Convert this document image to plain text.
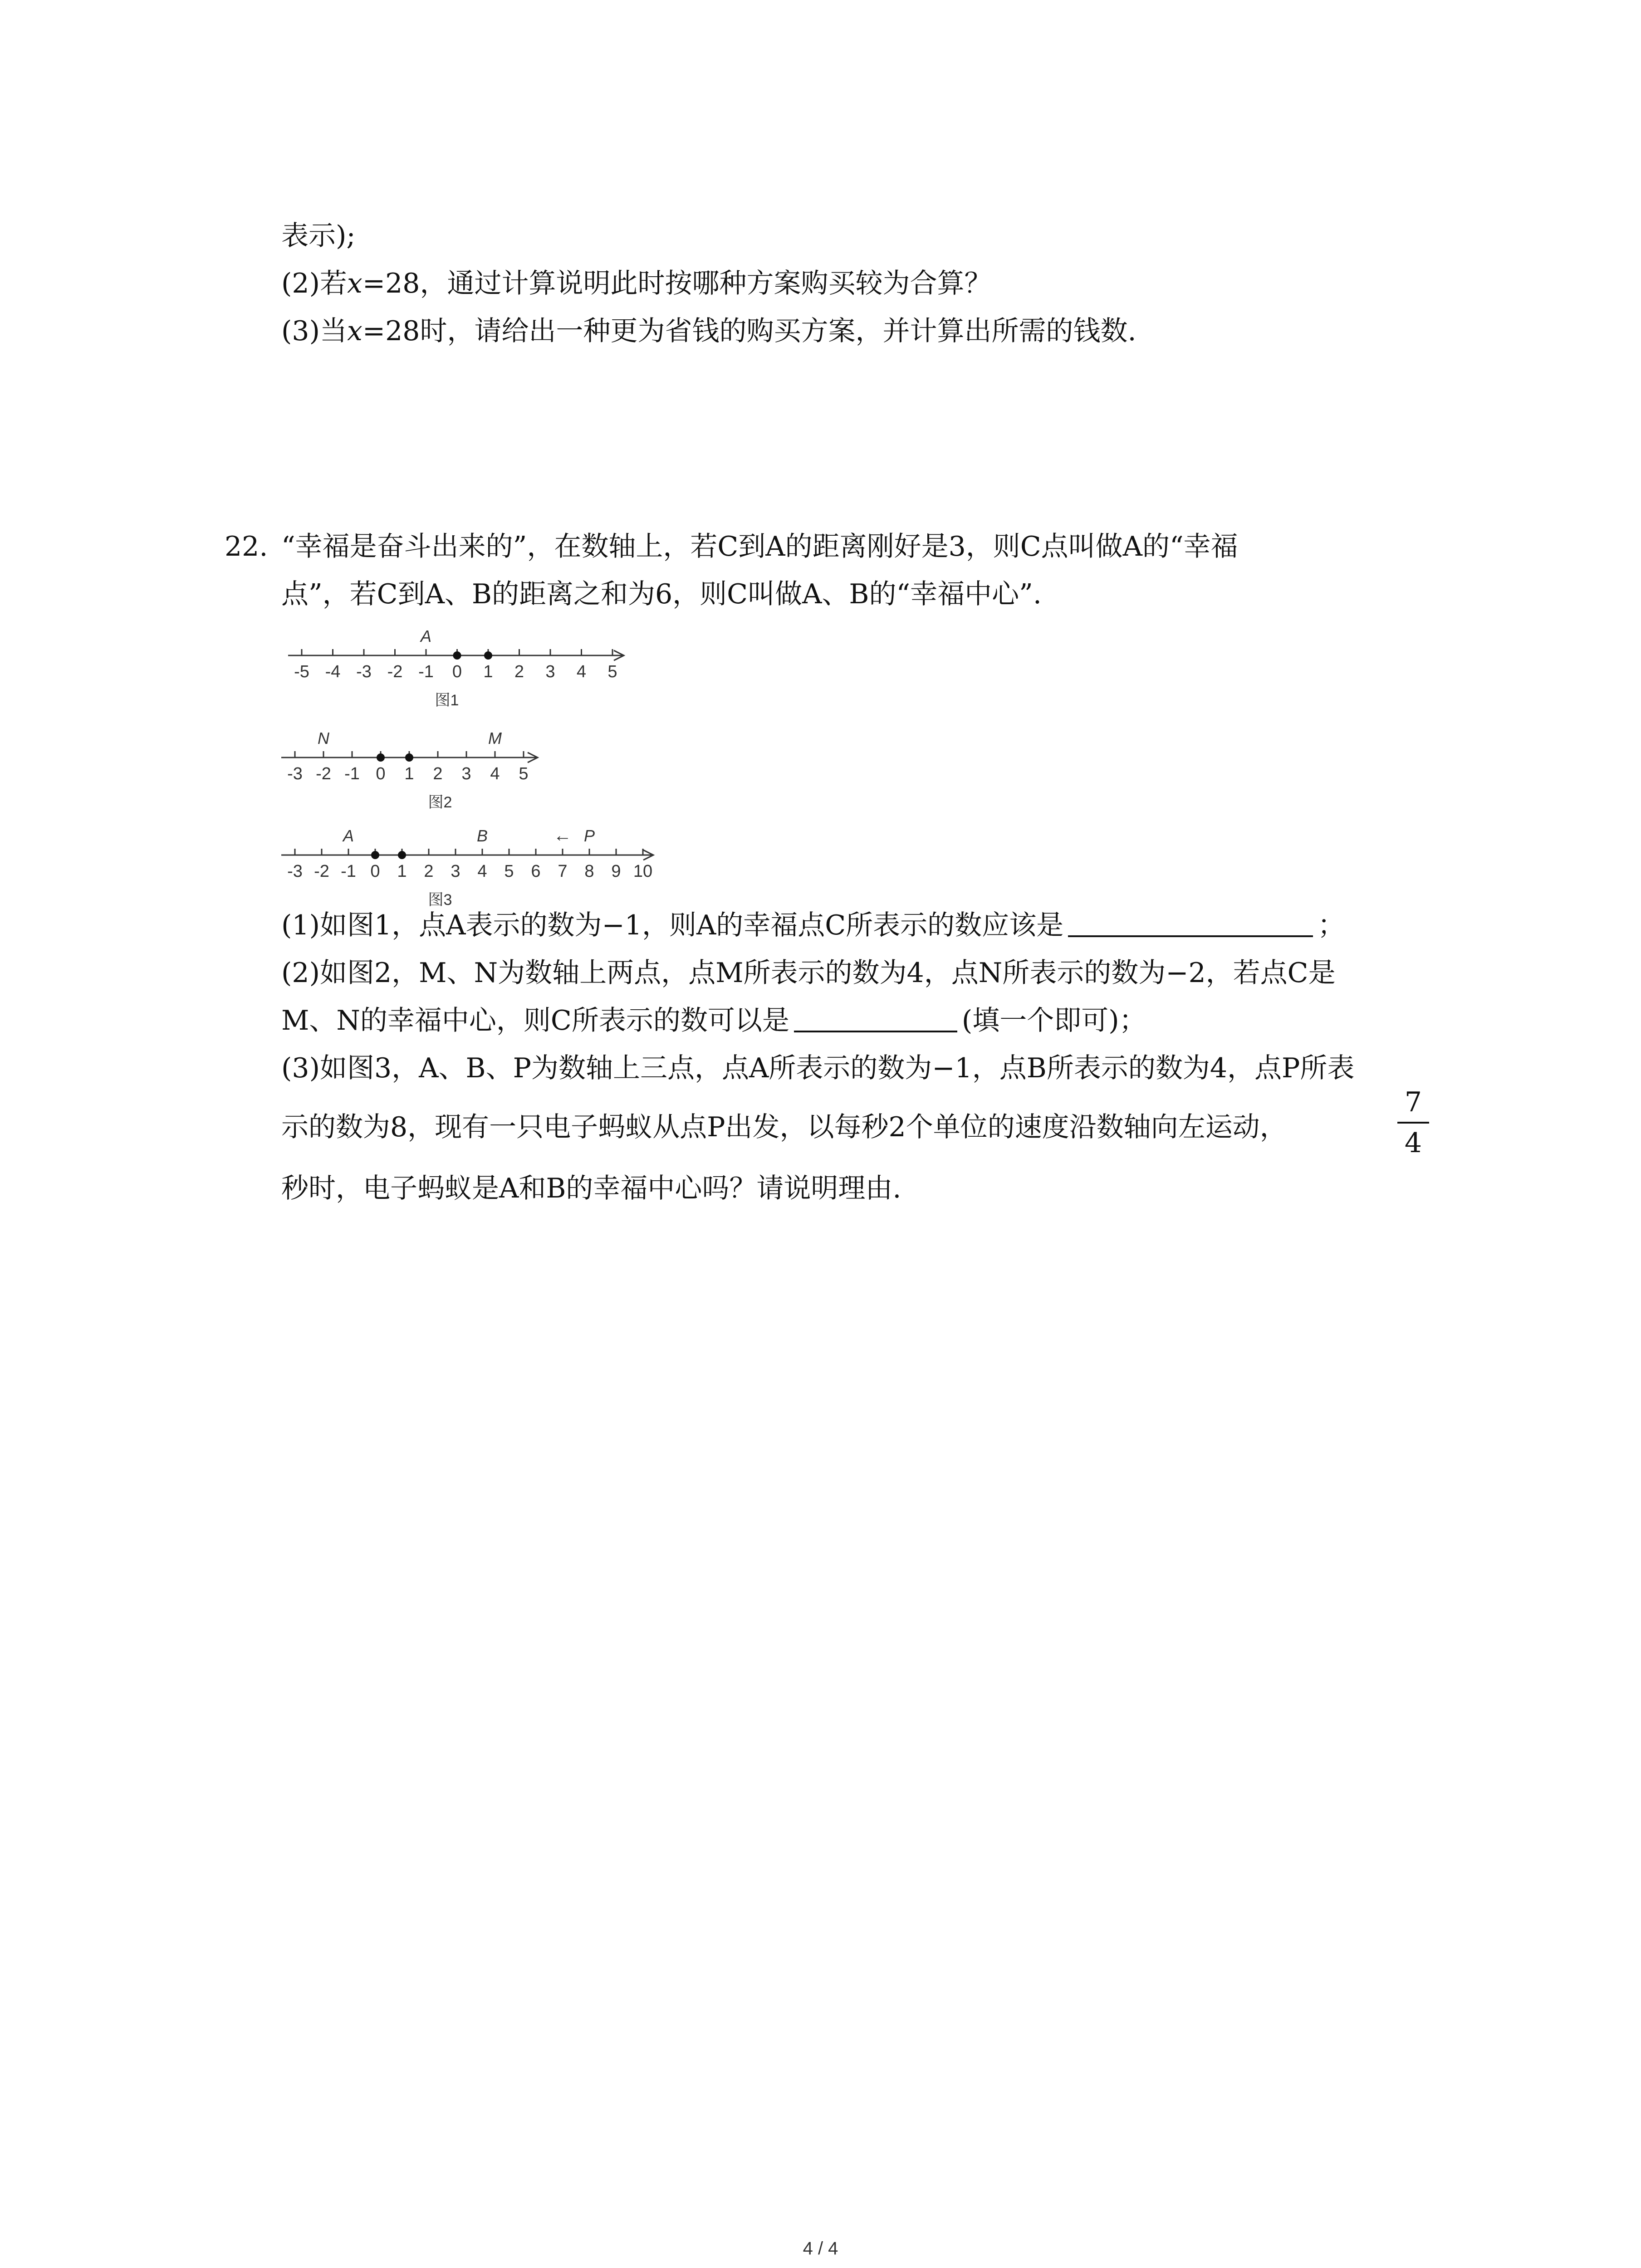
表示);
(2)若x=28，通过计算说明此时按哪种方案购买较为合算？
(3)当x=28时，请给出一种更为省钱的购买方案，并计算出所需的钱数.
22. “幸福是奋斗出来的”，在数轴上，若C到A的距离刚好是3，则C点叫做A的“幸福
点”，若C到A、B的距离之和为6，则C叫做A、B的“幸福中心”.
-5 -4 -3 -2 -1 0 1 2 3 4 5
A
图1
-3 -2 -1 0 1 2 3 4 5
N	M
图2
-3 -2 -1 0 1 2 3 4 5 6 7 8 9 10
A	B	P
←
图3
(1)如图1，点A表示的数为−1，则A的幸福点C所表示的数应该是	；
(2)如图2，M、N为数轴上两点，点M所表示的数为4，点N所表示的数为−2，若点C是
M、N的幸福中心，则C所表示的数可以是	(填一个即可)；
(3)如图3，A、B、P为数轴上三点，点A所表示的数为−1，点B所表示的数为4，点P所表
示的数为8，现有一只电子蚂蚁从点P出发，以每秒2个单位的速度沿数轴向左运动，
7
4
秒时，电子蚂蚁是A和B的幸福中心吗？请说明理由.
4 / 4
